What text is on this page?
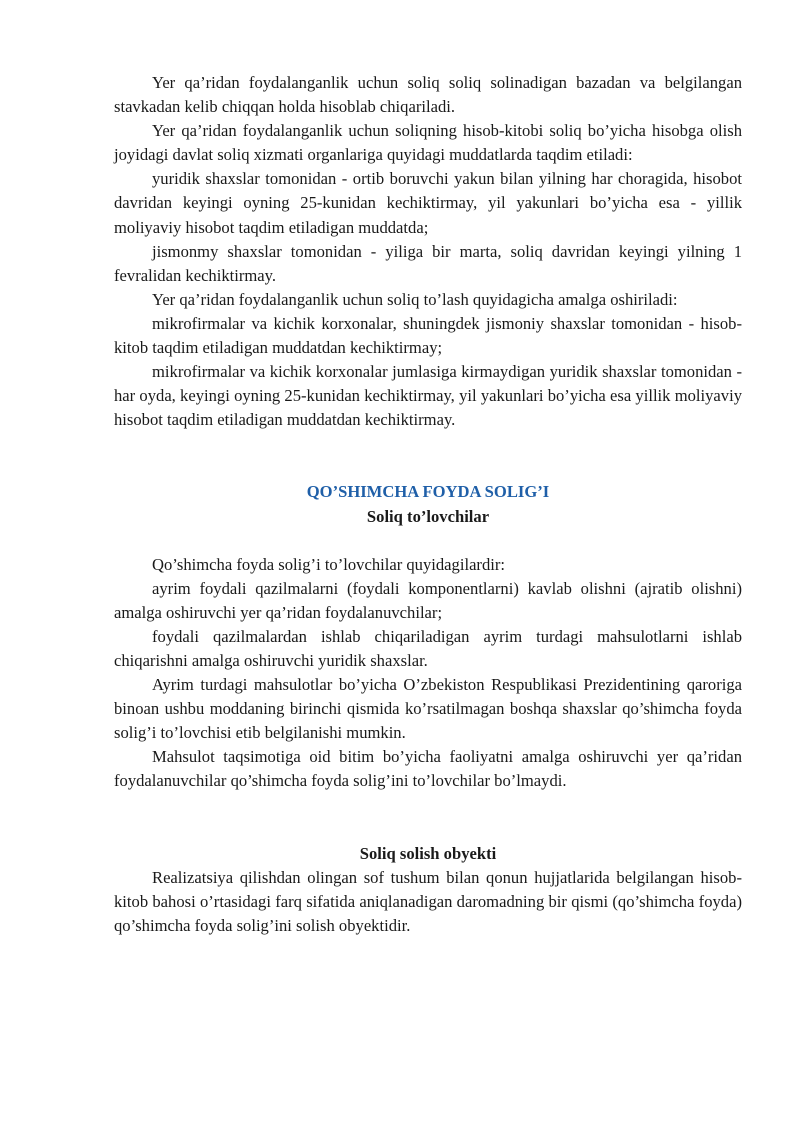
Yer qa’ridan foydalanganlik uchun soliq soliq solinadigan bazadan va belgilangan stavkadan kelib chiqqan holda hisoblab chiqariladi.

Yer qa’ridan foydalanganlik uchun soliqning hisob-kitobi soliq bo’yicha hisobga olish joyidagi davlat soliq xizmati organlariga quyidagi muddatlarda taqdim etiladi:

yuridik shaxslar tomonidan - ortib boruvchi yakun bilan yilning har choragida, hisobot davridan keyingi oyning 25-kunidan kechiktirmay, yil yakunlari bo’yicha esa - yillik moliyaviy hisobot taqdim etiladigan muddatda;

jismonmy shaxslar tomonidan - yiliga bir marta, soliq davridan keyingi yilning 1 fevralidan kechiktirmay.

Yer qa’ridan foydalanganlik uchun soliq to’lash quyidagicha amalga oshiriladi:

mikrofirmalar va kichik korxonalar, shuningdek jismoniy shaxslar tomonidan - hisob-kitob taqdim etiladigan muddatdan kechiktirmay;

mikrofirmalar va kichik korxonalar jumlasiga kirmaydigan yuridik shaxslar tomonidan - har oyda, keyingi oyning 25-kunidan kechiktirmay, yil yakunlari bo’yicha esa yillik moliyaviy hisobot taqdim etiladigan muddatdan kechiktirmay.

QO’SHIMCHA FOYDA SOLIG’I
Soliq to’lovchilar

Qo’shimcha foyda solig’i to’lovchilar quyidagilardir:

ayrim foydali qazilmalarni (foydali komponentlarni) kavlab olishni (ajratib olishni) amalga oshiruvchi yer qa’ridan foydalanuvchilar;

foydali qazilmalardan ishlab chiqariladigan ayrim turdagi mahsulotlarni ishlab chiqarishni amalga oshiruvchi yuridik shaxslar.

Ayrim turdagi mahsulotlar bo’yicha O’zbekiston Respublikasi Prezidentining qaroriga binoan ushbu moddaning birinchi qismida ko’rsatilmagan boshqa shaxslar qo’shimcha foyda solig’i to’lovchisi etib belgilanishi mumkin.

Mahsulot taqsimotiga oid bitim bo’yicha faoliyatni amalga oshiruvchi yer qa’ridan foydalanuvchilar qo’shimcha foyda solig’ini to’lovchilar bo’lmaydi.

Soliq solish obyekti

Realizatsiya qilishdan olingan sof tushum bilan qonun hujjatlarida belgilangan hisob-kitob bahosi o’rtasidagi farq sifatida aniqlanadigan daromadning bir qismi (qo’shimcha foyda) qo’shimcha foyda solig’ini solish obyektidir.
